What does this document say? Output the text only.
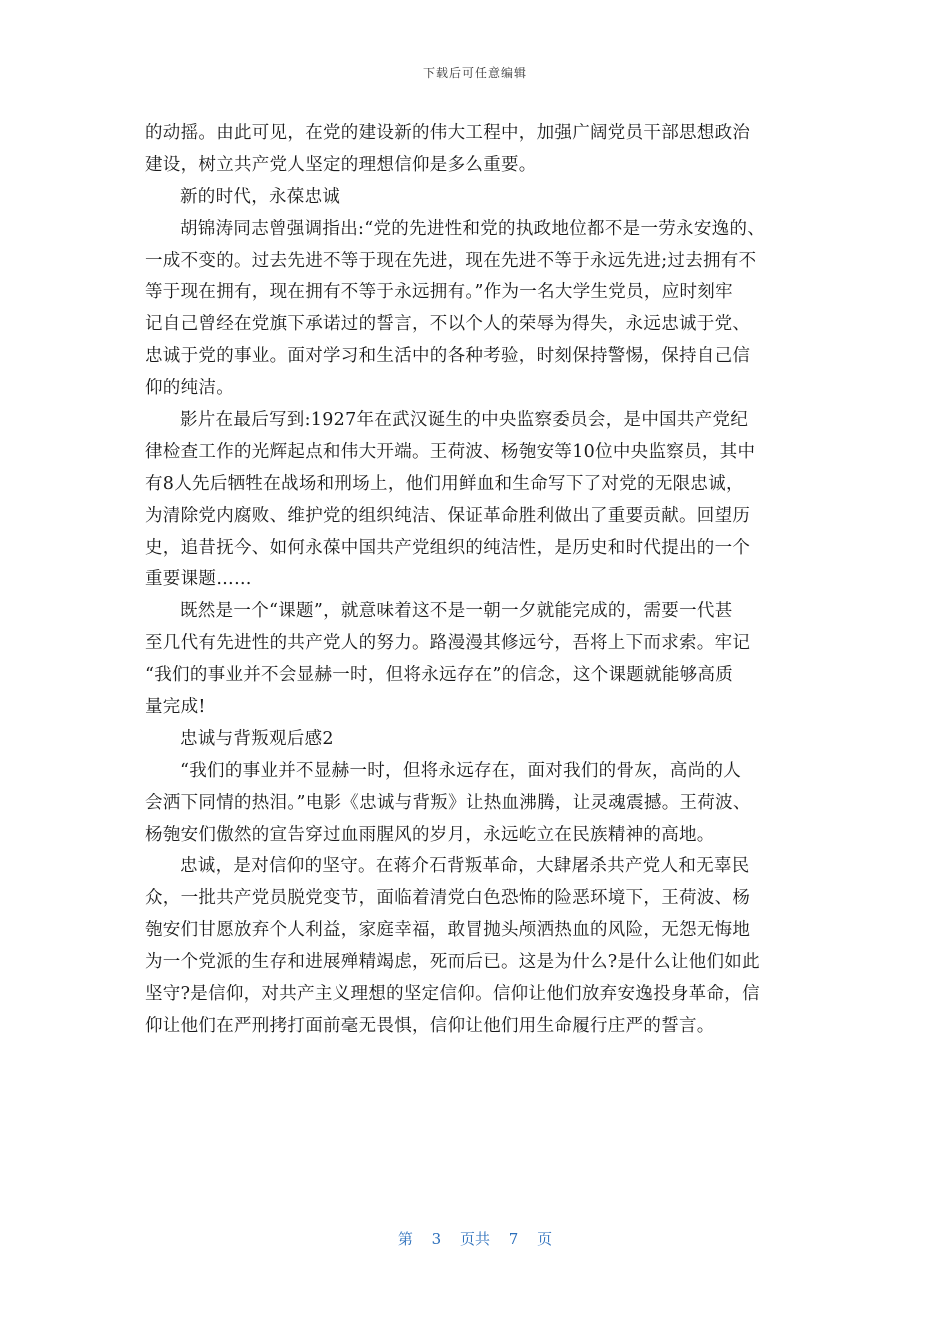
下载后可任意编辑
的动摇。由此可见，在党的建设新的伟大工程中，加强广阔党员干部思想政治
建设，树立共产党人坚定的理想信仰是多么重要。
新的时代，永葆忠诚
胡锦涛同志曾强调指出:“党的先进性和党的执政地位都不是一劳永安逸的、
一成不变的。过去先进不等于现在先进，现在先进不等于永远先进;过去拥有不
等于现在拥有，现在拥有不等于永远拥有。”作为一名大学生党员，应时刻牢
记自己曾经在党旗下承诺过的誓言，不以个人的荣辱为得失，永远忠诚于党、
忠诚于党的事业。面对学习和生活中的各种考验，时刻保持警惕，保持自己信
仰的纯洁。
影片在最后写到:1927年在武汉诞生的中央监察委员会，是中国共产党纪
律检查工作的光辉起点和伟大开端。王荷波、杨匏安等10位中央监察员，其中
有8人先后牺牲在战场和刑场上，他们用鲜血和生命写下了对党的无限忠诚，
为清除党内腐败、维护党的组织纯洁、保证革命胜利做出了重要贡献。回望历
史，追昔抚今、如何永葆中国共产党组织的纯洁性，是历史和时代提出的一个
重要课题……
既然是一个“课题”，就意味着这不是一朝一夕就能完成的，需要一代甚
至几代有先进性的共产党人的努力。路漫漫其修远兮，吾将上下而求索。牢记
“我们的事业并不会显赫一时，但将永远存在”的信念，这个课题就能够高质
量完成!
忠诚与背叛观后感2
“我们的事业并不显赫一时，但将永远存在，面对我们的骨灰，高尚的人
会洒下同情的热泪。”电影《忠诚与背叛》让热血沸腾，让灵魂震撼。王荷波、
杨匏安们傲然的宣告穿过血雨腥风的岁月，永远屹立在民族精神的高地。
忠诚，是对信仰的坚守。在蒋介石背叛革命，大肆屠杀共产党人和无辜民
众，一批共产党员脱党变节，面临着清党白色恐怖的险恶环境下，王荷波、杨
匏安们甘愿放弃个人利益，家庭幸福，敢冒抛头颅洒热血的风险，无怨无悔地
为一个党派的生存和进展殚精竭虑，死而后已。这是为什么?是什么让他们如此
坚守?是信仰，对共产主义理想的坚定信仰。信仰让他们放弃安逸投身革命，信
仰让他们在严刑拷打面前毫无畏惧，信仰让他们用生命履行庄严的誓言。
第 3 页共 7 页
